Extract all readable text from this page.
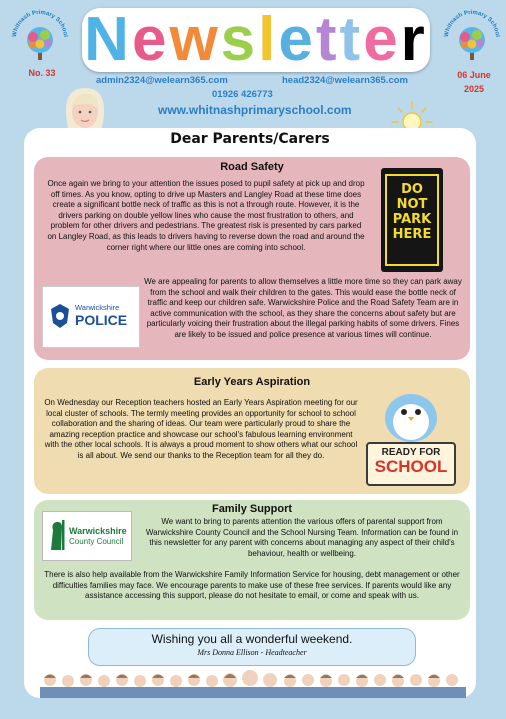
Whitnash Primary School
No. 33
Whitnash Primary School
06 June
2025
Newsletter
admin2324@welearn365.com	head2324@welearn365.com
01926 426773
www.whitnashprimaryschool.com
Dear Parents/Carers
Road Safety
Once again we bring to your attention the issues posed to pupil safety at pick up and drop off times. As you know, opting to drive up Masters and Langley Road at these time does create a significant bottle neck of traffic as this is not a through route. However, it is the drivers parking on double yellow lines who cause the most frustration to others, and problem for other drivers and pedestrians. The greatest risk is presented by cars parked on Langley Road, as this leads to drivers having to reverse down the road and around the corner right where our little ones are coming into school.
DO
NOT
PARK
HERE
Warwickshire
POLICE
We are appealing for parents to allow themselves a little more time so they can park away from the school and walk their children to the gates. This would ease the bottle neck of traffic and keep our children safe. Warwickshire Police and the Road Safety Team are in active communication with the school, as they share the concerns about safety but are particularly voicing their frustration about the illegal parking habits of some drivers. Fines are likely to be issued and police presence at various times will continue.
Early Years Aspiration
On Wednesday our Reception teachers hosted an Early Years Aspiration meeting for our local cluster of schools. The termly meeting provides an opportunity for school to school collaboration and the sharing of ideas. Our team were particularly proud to share the amazing reception practice and showcase our school's fabulous learning environment with the other local schools. It is always a proud moment to show others what our school is all about. We send our thanks to the Reception team for all they do.	READY FOR
SCHOOL
Family Support
Warwickshire
County Council
We want to bring to parents attention the various offers of parental support from Warwickshire County Council and the School Nursing Team. Information can be found in this newsletter for any parent with concerns about managing any aspect of their child's behaviour, health or wellbeing.
There is also help available from the Warwickshire Family Information Service for housing, debt management or other difficulties families may face. We encourage parents to make use of these free services. If parents would like any assistance accessing this support, please do not hesitate to email, or come and speak with us.
Wishing you all a wonderful weekend.
Mrs Donna Ellison - Headteacher
